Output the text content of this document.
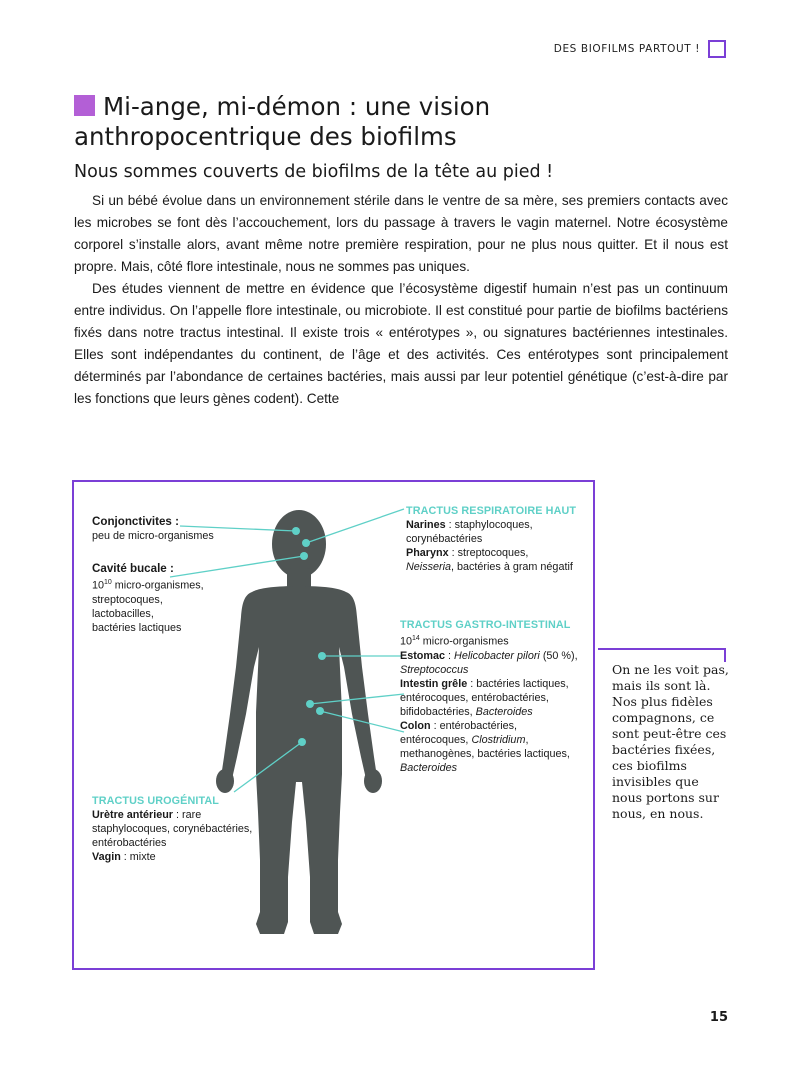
DES BIOFILMS PARTOUT !
Mi-ange, mi-démon : une vision anthropocentrique des biofilms
Nous sommes couverts de biofilms de la tête au pied !

Si un bébé évolue dans un environnement stérile dans le ventre de sa mère, ses premiers contacts avec les microbes se font dès l’accouchement, lors du passage à travers le vagin maternel. Notre écosystème corporel s’installe alors, avant même notre première respiration, pour ne plus nous quitter. Et il nous est propre. Mais, côté flore intestinale, nous ne sommes pas uniques.

Des études viennent de mettre en évidence que l’écosystème digestif humain n’est pas un continuum entre individus. On l’appelle flore intestinale, ou microbiote. Il est constitué pour partie de biofilms bactériens fixés dans notre tractus intestinal. Il existe trois « entérotypes », ou signatures bactériennes intestinales. Elles sont indépendantes du continent, de l’âge et des activités. Ces entérotypes sont principalement déterminés par l’abondance de certaines bactéries, mais aussi par leur potentiel génétique (c’est-à-dire par les fonctions que leurs gènes codent). Cette

Conjonctivites :
peu de micro-organismes
Cavité bucale :
$10^{10}$ micro-organismes,
streptocoques,
lactobacilles,
bactéries lactiques
TRACTUS RESPIRATOIRE HAUT
Narines : staphylocoques,
corynébactéries
Pharynx : streptocoques,
Neisseria, bactéries à gram négatif
TRACTUS GASTRO-INTESTINAL
$10^{14}$ micro-organismes
Estomac : Helicobacter pilori (50 %),
Streptococcus
Intestin grêle : bactéries lactiques,
entérocoques, entérobactéries,
bifidobactéries, Bacteroides
Colon : entérobactéries,
entérocoques, Clostridium,
methanogènes, bactéries lactiques,
Bacteroides
TRACTUS UROGÉNITAL
Urètre antérieur : rare
staphylocoques, corynébactéries,
entérobactéries
Vagin : mixte
On ne les voit pas, mais ils sont là. Nos plus fidèles compagnons, ce sont peut-être ces bactéries fixées, ces biofilms invisibles que nous portons sur nous, en nous.
15
